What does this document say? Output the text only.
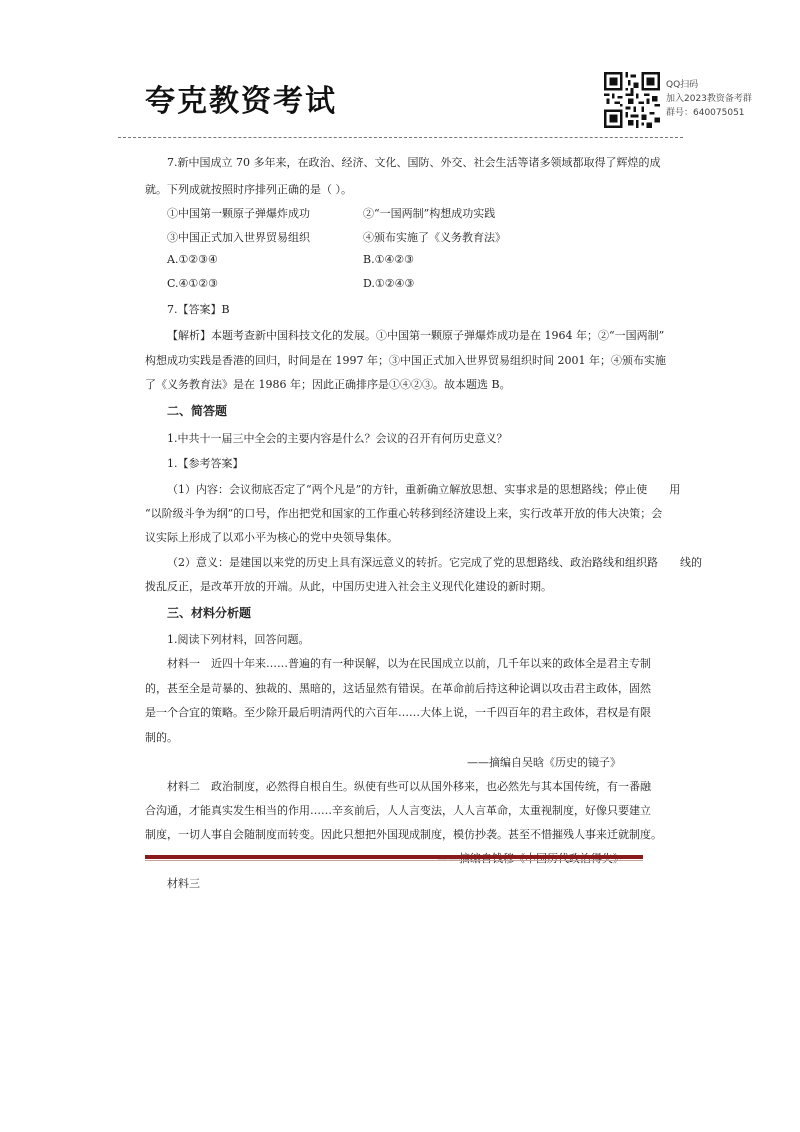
夸克教资考试	QQ扫码
加入2023教资备考群
群号：640075051
7.新中国成立 70 多年来，在政治、经济、文化、国防、外交、社会生活等诸多领域都取得了辉煌的成
就。下列成就按照时序排列正确的是（ ）。
①中国第一颗原子弹爆炸成功	②“一国两制”构想成功实践
③中国正式加入世界贸易组织	④颁布实施了《义务教育法》
A.①②③④	B.①④②③
C.④①②③	D.①②④③
7.【答案】B
【解析】本题考查新中国科技文化的发展。①中国第一颗原子弹爆炸成功是在 1964 年；②“一国两制”
构想成功实践是香港的回归，时间是在 1997 年；③中国正式加入世界贸易组织时间 2001 年；④颁布实施
了《义务教育法》是在 1986 年；因此正确排序是①④②③。故本题选 B。
二、简答题
1.中共十一届三中全会的主要内容是什么？会议的召开有何历史意义？
1.【参考答案】
（1）内容：会议彻底否定了“两个凡是”的方针，重新确立解放思想、实事求是的思想路线；停止使　　用
“以阶级斗争为纲”的口号，作出把党和国家的工作重心转移到经济建设上来，实行改革开放的伟大决策；会
议实际上形成了以邓小平为核心的党中央领导集体。
（2）意义：是建国以来党的历史上具有深远意义的转折。它完成了党的思想路线、政治路线和组织路　　线的
拨乱反正，是改革开放的开端。从此，中国历史进入社会主义现代化建设的新时期。
三、材料分析题
1.阅读下列材料，回答问题。
材料一　近四十年来……普遍的有一种误解，以为在民国成立以前，几千年以来的政体全是君主专制
的，甚至全是苛暴的、独裁的、黑暗的，这话显然有错误。在革命前后持这种论调以攻击君主政体，固然
是一个合宜的策略。至少除开最后明清两代的六百年……大体上说，一千四百年的君主政体，君权是有限
制的。
——摘编自吴晗《历史的镜子》
材料二　政治制度，必然得自根自生。纵使有些可以从国外移来，也必然先与其本国传统，有一番融
合沟通，才能真实发生相当的作用……辛亥前后，人人言变法，人人言革命，太重视制度，好像只要建立
制度，一切人事自会随制度而转变。因此只想把外国现成制度，模仿抄袭。甚至不惜摧残人事来迁就制度。
材料三
